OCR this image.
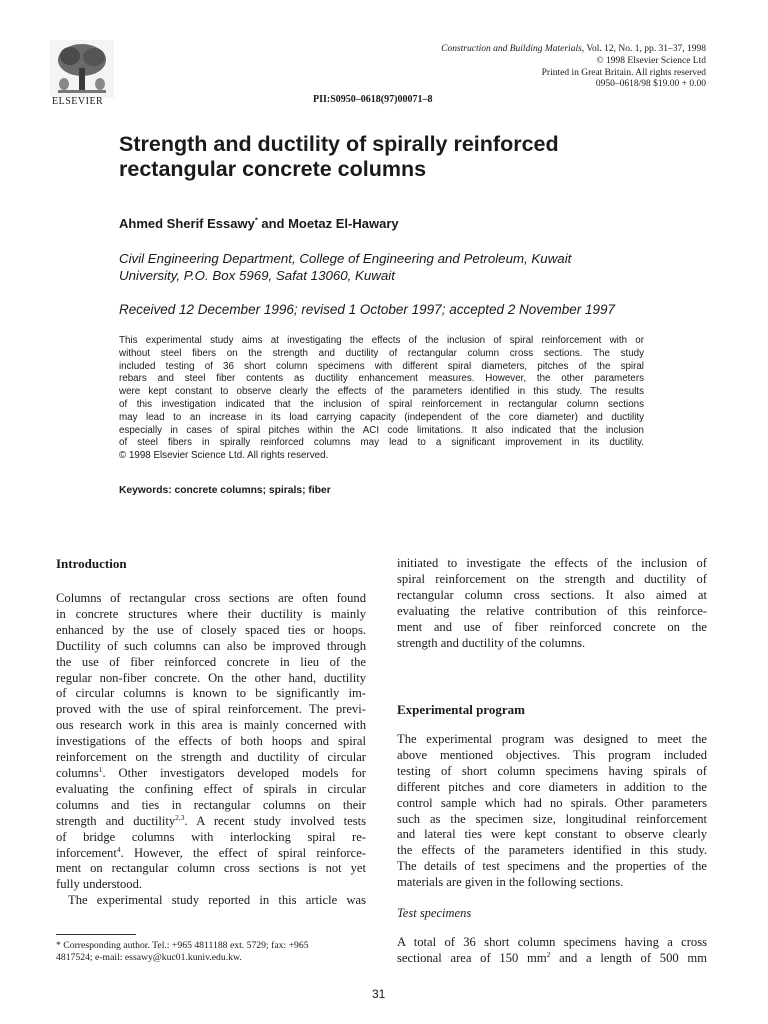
ELSEVIER
Construction and Building Materials, Vol. 12, No. 1, pp. 31–37, 1998
© 1998 Elsevier Science Ltd
Printed in Great Britain. All rights reserved
0950–0618/98 $19.00 + 0.00
PII:S0950–0618(97)00071–8
Strength and ductility of spirally reinforced
rectangular concrete columns
Ahmed Sherif Essawy* and Moetaz El-Hawary
Civil Engineering Department, College of Engineering and Petroleum, Kuwait
University, P.O. Box 5969, Safat 13060, Kuwait
Received 12 December 1996; revised 1 October 1997; accepted 2 November 1997
This experimental study aims at investigating the effects of the inclusion of spiral reinforcement with or
without steel fibers on the strength and ductility of rectangular column cross sections. The study
included testing of 36 short column specimens with different spiral diameters, pitches of the spiral
rebars and steel fiber contents as ductility enhancement measures. However, the other parameters
were kept constant to observe clearly the effects of the parameters identified in this study. The results
of this investigation indicated that the inclusion of spiral reinforcement in rectangular column sections
may lead to an increase in its load carrying capacity (independent of the core diameter) and ductility
especially in cases of spiral pitches within the ACI code limitations. It also indicated that the inclusion
of steel fibers in spirally reinforced columns may lead to a significant improvement in its ductility.
© 1998 Elsevier Science Ltd. All rights reserved.
Keywords: concrete columns; spirals; fiber
Introduction
Columns of rectangular cross sections are often found
in concrete structures where their ductility is mainly
enhanced by the use of closely spaced ties or hoops.
Ductility of such columns can also be improved through
the use of fiber reinforced concrete in lieu of the
regular non-fiber concrete. On the other hand, ductility
of circular columns is known to be significantly im-
proved with the use of spiral reinforcement. The previ-
ous research work in this area is mainly concerned with
investigations of the effects of both hoops and spiral
reinforcement on the strength and ductility of circular
columns$^1$. Other investigators developed models for
evaluating the confining effect of spirals in circular
columns and ties in rectangular columns on their
strength and ductility$^{2,3}$. A recent study involved tests
of bridge columns with interlocking spiral re-
inforcement$^4$. However, the effect of spiral reinforce-
ment on rectangular column cross sections is not yet
fully understood.
The experimental study reported in this article was
initiated to investigate the effects of the inclusion of
spiral reinforcement on the strength and ductility of
rectangular column cross sections. It also aimed at
evaluating the relative contribution of this reinforce-
ment and use of fiber reinforced concrete on the
strength and ductility of the columns.
Experimental program
The experimental program was designed to meet the
above mentioned objectives. This program included
testing of short column specimens having spirals of
different pitches and core diameters in addition to the
control sample which had no spirals. Other parameters
such as the specimen size, longitudinal reinforcement
and lateral ties were kept constant to observe clearly
the effects of the parameters identified in this study.
The details of test specimens and the properties of the
materials are given in the following sections.
Test specimens
A total of 36 short column specimens having a cross
sectional area of 150 $mm^2$ and a length of 500 mm
* Corresponding author. Tel.: +965 4811188 ext. 5729; fax: +965
4817524; e-mail: essawy@kuc01.kuniv.edu.kw.
31
